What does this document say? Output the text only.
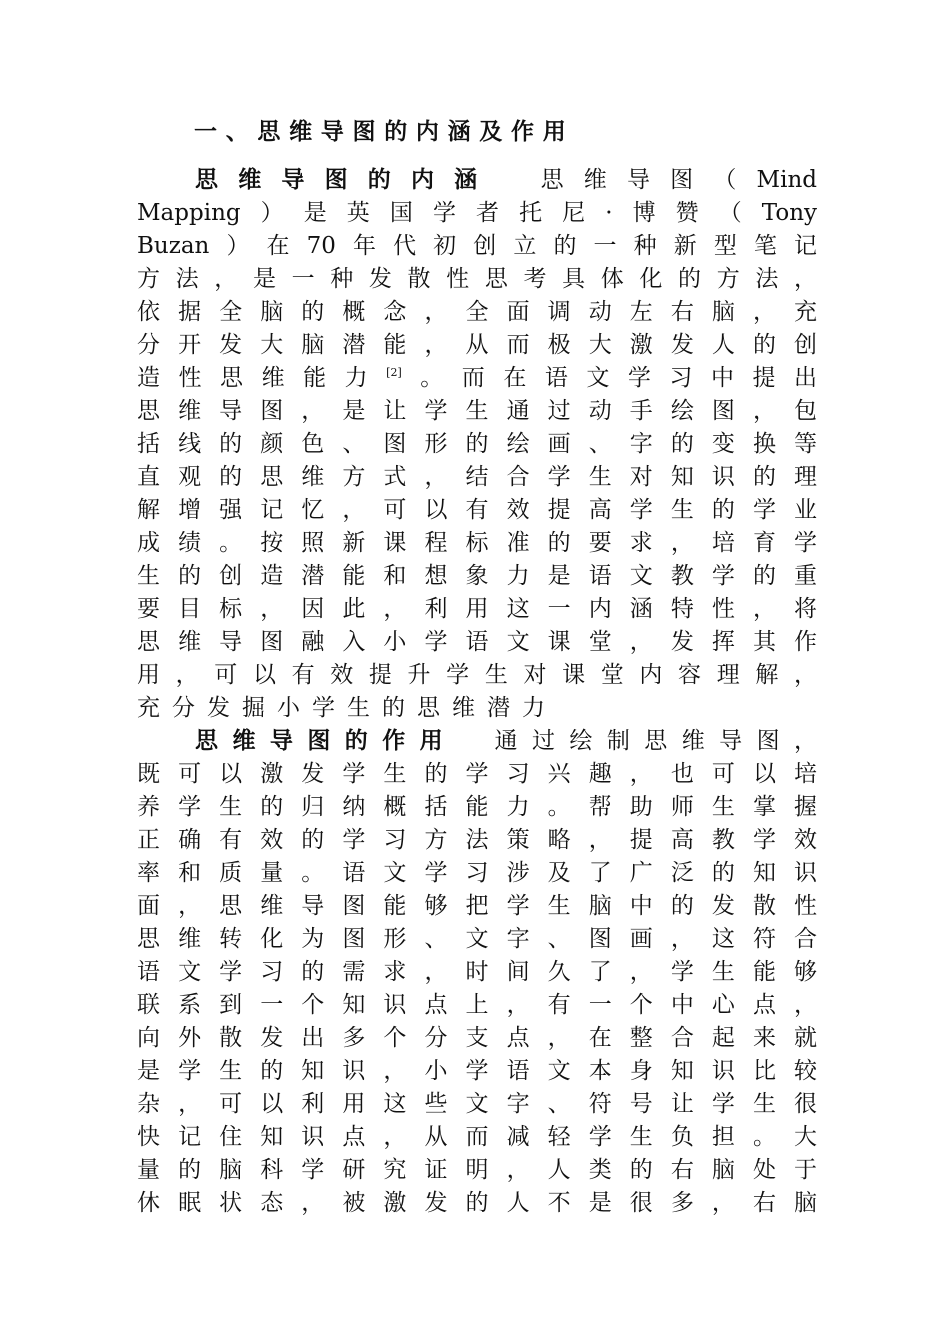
一、思维导图的内涵及作用
思​维​导​图​的​内​涵​　​思​维​导​图​（​Mind
Mapping）​是​英​国​学​者​托​尼​·​博​赞​（​Tony
Buzan）​在​70年​代​初​创​立​的​一​种​新​型​笔​记​
方​法​，​是​一​种​发​散​性​思​考​具​体​化​的​方​法​，​
依​据​全​脑​的​概​念​，​全​面​调​动​左​右​脑​，​充​
分​开​发​大​脑​潜​能​，​从​而​极​大​激​发​人​的​创​
造​性​思​维​能​力​[2]。​而​在​语​文​学​习​中​提​出​
思​维​导​图​，​是​让​学​生​通​过​动​手​绘​图​，​包​
括​线​的​颜​色​、​图​形​的​绘​画​、​字​的​变​换​等​
直​观​的​思​维​方​式​，​结​合​学​生​对​知​识​的​理​
解​增​强​记​忆​，​可​以​有​效​提​高​学​生​的​学​业​
成​绩​。​按​照​新​课​程​标​准​的​要​求​，​培​育​学​
生​的​创​造​潜​能​和​想​象​力​是​语​文​教​学​的​重​
要​目​标​，​因​此​，​利​用​这​一​内​涵​特​性​，​将​
思​维​导​图​融​入​小​学​语​文​课​堂​，​发​挥​其​作​
用​，​可​以​有​效​提​升​学​生​对​课​堂​内​容​理​解​，​
充​分​发​掘​小​学​生​的​思​维​潜​力​
思​维​导​图​的​作​用​　​通​过​绘​制​思​维​导​图​，​
既​可​以​激​发​学​生​的​学​习​兴​趣​，​也​可​以​培​
养​学​生​的​归​纳​概​括​能​力​。​帮​助​师​生​掌​握​
正​确​有​效​的​学​习​方​法​策​略​，​提​高​教​学​效​
率​和​质​量​。​语​文​学​习​涉​及​了​广​泛​的​知​识​
面​，​思​维​导​图​能​够​把​学​生​脑​中​的​发​散​性​
思​维​转​化​为​图​形​、​文​字​、​图​画​，​这​符​合​
语​文​学​习​的​需​求​，​时​间​久​了​，​学​生​能​够​
联​系​到​一​个​知​识​点​上​，​有​一​个​中​心​点​，​
向​外​散​发​出​多​个​分​支​点​，​在​整​合​起​来​就​
是​学​生​的​知​识​，​小​学​语​文​本​身​知​识​比​较​
杂​，​可​以​利​用​这​些​文​字​、​符​号​让​学​生​很​
快​记​住​知​识​点​，​从​而​减​轻​学​生​负​担​。​大​
量​的​脑​科​学​研​究​证​明​，​人​类​的​右​脑​处​于​
休​眠​状​态​，​被​激​发​的​人​不​是​很​多​，​右​脑​
